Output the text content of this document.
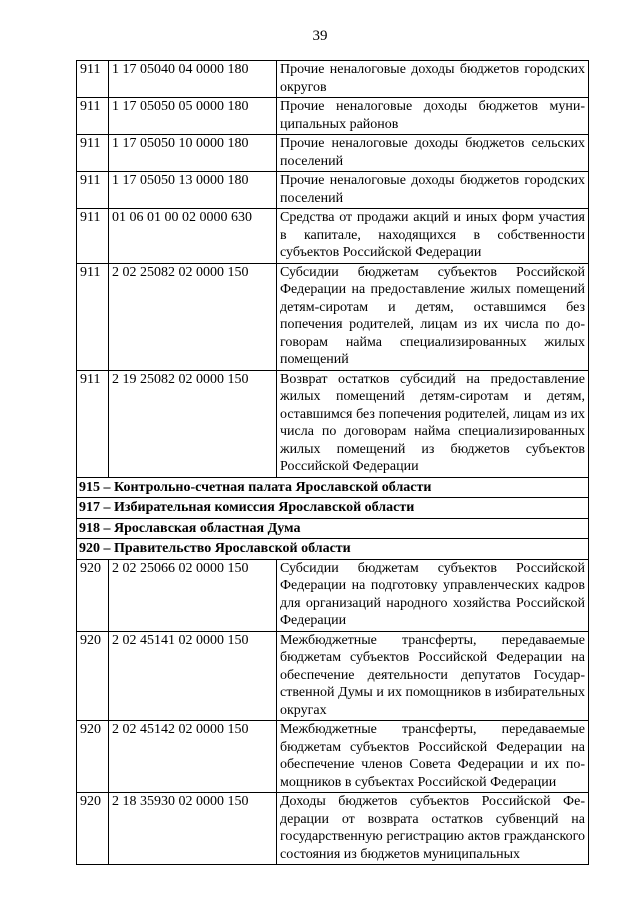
39
911	1 17 05040 04 0000 180	Прочие неналоговые доходы бюджетов городских округов
911	1 17 05050 05 0000 180	Прочие неналоговые доходы бюджетов муниципальных районов
911	1 17 05050 10 0000 180	Прочие неналоговые доходы бюджетов сельских поселений
911	1 17 05050 13 0000 180	Прочие неналоговые доходы бюджетов городских поселений
911	01 06 01 00 02 0000 630	Средства от продажи акций и иных форм участия в капитале, находящихся в собственности субъектов Российской Федерации
911	2 02 25082 02 0000 150	Субсидии бюджетам субъектов Российской Федерации на предоставление жилых помещений детям-сиротам и детям, оставшимся без попечения родителей, лицам из их числа по договорам найма специализированных жилых помещений
911	2 19 25082 02 0000 150	Возврат остатков субсидий на предоставление жилых помещений детям-сиротам и детям, оставшимся без попечения родителей, лицам из их числа по договорам найма специализированных жилых помещений из бюджетов субъектов Российской Федерации
915 – Контрольно-счетная палата Ярославской области		
917 – Избирательная комиссия Ярославской области		
918 – Ярославская областная Дума		
920 – Правительство Ярославской области		
920	2 02 25066 02 0000 150	Субсидии бюджетам субъектов Российской Федерации на подготовку управленческих кадров для организаций народного хозяйства Российской Федерации
920	2 02 45141 02 0000 150	Межбюджетные трансферты, передаваемые бюджетам субъектов Российской Федерации на обеспечение деятельности депутатов Государственной Думы и их помощников в избирательных округах
920	2 02 45142 02 0000 150	Межбюджетные трансферты, передаваемые бюджетам субъектов Российской Федерации на обеспечение членов Совета Федерации и их помощников в субъектах Российской Федерации
920	2 18 35930 02 0000 150	Доходы бюджетов субъектов Российской Федерации от возврата остатков субвенций на государственную регистрацию актов гражданского состояния из бюджетов муниципальных
